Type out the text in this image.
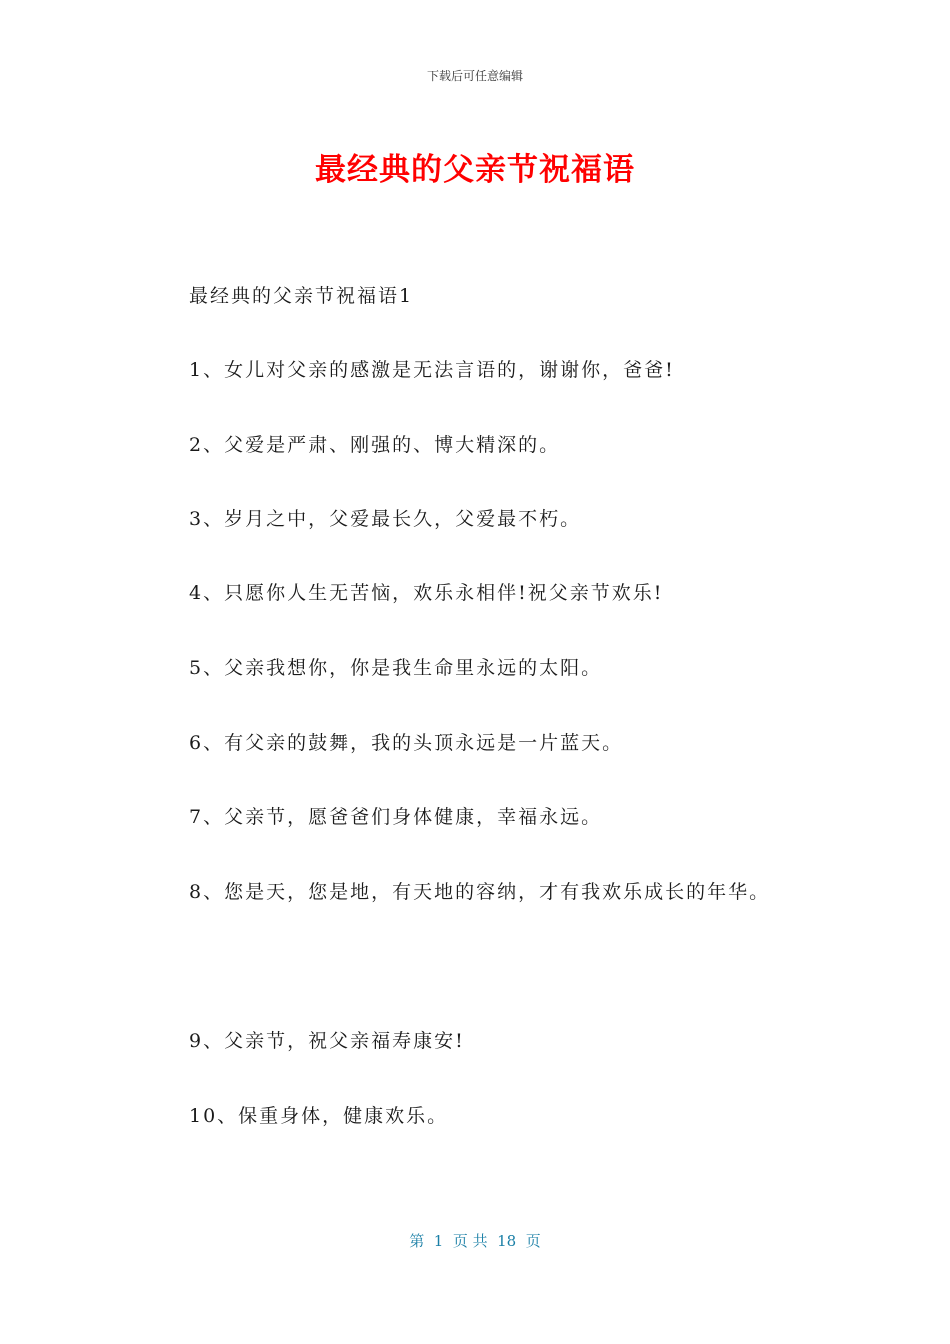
下载后可任意编辑
最经典的父亲节祝福语
最经典的父亲节祝福语1
1、女儿对父亲的感激是无法言语的，谢谢你，爸爸!
2、父爱是严肃、刚强的、博大精深的。
3、岁月之中，父爱最长久，父爱最不朽。
4、只愿你人生无苦恼，欢乐永相伴!祝父亲节欢乐!
5、父亲我想你，你是我生命里永远的太阳。
6、有父亲的鼓舞，我的头顶永远是一片蓝天。
7、父亲节，愿爸爸们身体健康，幸福永远。
8、您是天，您是地，有天地的容纳，才有我欢乐成长的年华。
9、父亲节，祝父亲福寿康安!
10、保重身体，健康欢乐。
第  1  页 共  18  页
